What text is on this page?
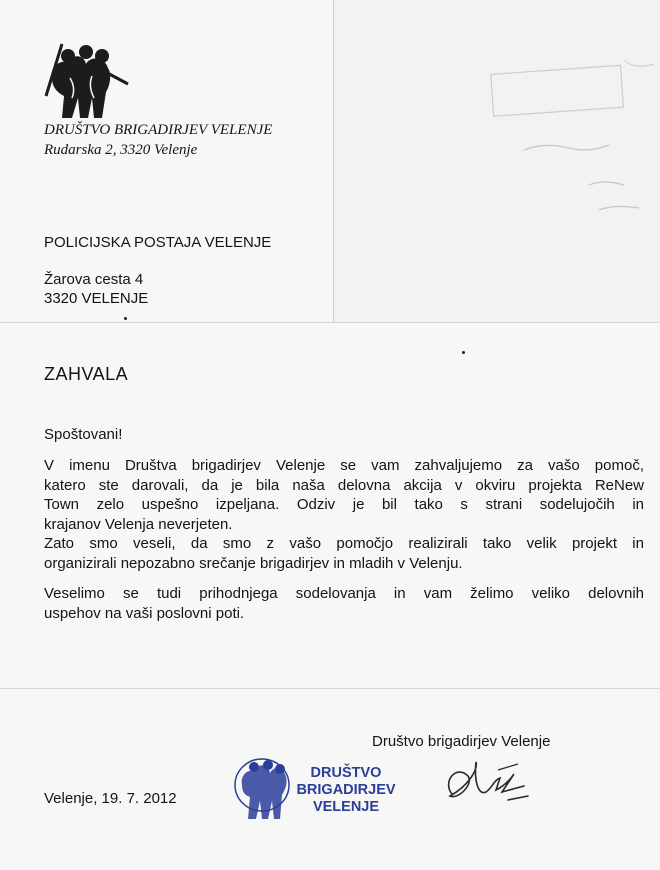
DRUŠTVO BRIGADIRJEV VELENJE
Rudarska 2, 3320 Velenje
POLICIJSKA POSTAJA VELENJE
Žarova cesta 4
3320 VELENJE
ZAHVALA
Spoštovani!
V imenu Društva brigadirjev Velenje se vam zahvaljujemo za vašo pomoč,
katero ste darovali, da je bila naša delovna akcija v okviru projekta ReNew
Town zelo uspešno izpeljana. Odziv je bil tako s strani sodelujočih in
krajanov Velenja neverjeten.
Zato smo veseli, da smo z vašo pomočjo realizirali tako velik projekt in
organizirali nepozabno srečanje brigadirjev in mladih v Velenju.
Veselimo se tudi prihodnjega sodelovanja in vam želimo veliko delovnih
uspehov na vaši poslovni poti.
Društvo brigadirjev Velenje
Velenje, 19. 7. 2012
DRUŠTVO
BRIGADIRJEV
VELENJE
